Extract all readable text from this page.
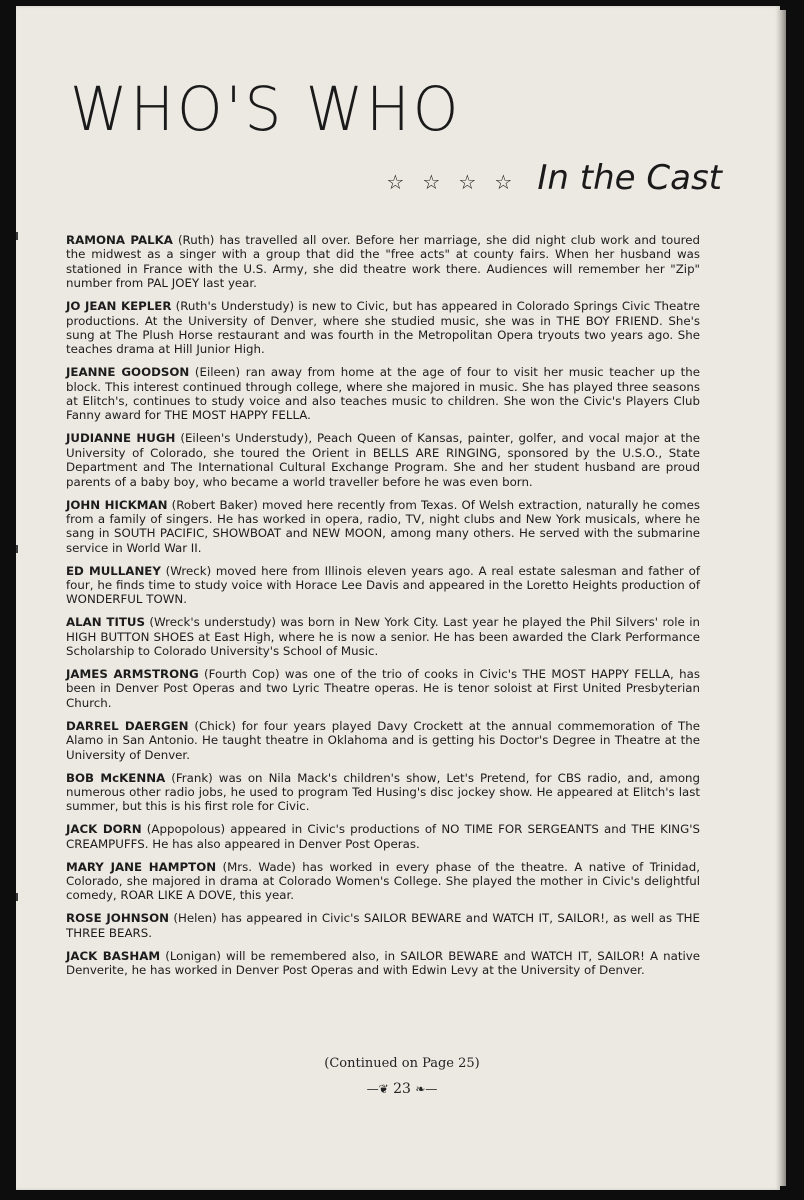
WHO'S WHO
☆ ☆ ☆ ☆ In the Cast

RAMONA PALKA (Ruth) has travelled all over. Before her marriage, she did night club work and toured the midwest as a singer with a group that did the "free acts" at county fairs. When her husband was stationed in France with the U.S. Army, she did theatre work there. Audiences will remember her "Zip" number from PAL JOEY last year.

JO JEAN KEPLER (Ruth's Understudy) is new to Civic, but has appeared in Colorado Springs Civic Theatre productions. At the University of Denver, where she studied music, she was in THE BOY FRIEND. She's sung at The Plush Horse restaurant and was fourth in the Metropolitan Opera tryouts two years ago. She teaches drama at Hill Junior High.

JEANNE GOODSON (Eileen) ran away from home at the age of four to visit her music teacher up the block. This interest continued through college, where she majored in music. She has played three seasons at Elitch's, continues to study voice and also teaches music to children. She won the Civic's Players Club Fanny award for THE MOST HAPPY FELLA.

JUDIANNE HUGH (Eileen's Understudy), Peach Queen of Kansas, painter, golfer, and vocal major at the University of Colorado, she toured the Orient in BELLS ARE RINGING, sponsored by the U.S.O., State Department and The International Cultural Exchange Program. She and her student husband are proud parents of a baby boy, who became a world traveller before he was even born.

JOHN HICKMAN (Robert Baker) moved here recently from Texas. Of Welsh extraction, naturally he comes from a family of singers. He has worked in opera, radio, TV, night clubs and New York musicals, where he sang in SOUTH PACIFIC, SHOWBOAT and NEW MOON, among many others. He served with the submarine service in World War II.

ED MULLANEY (Wreck) moved here from Illinois eleven years ago. A real estate salesman and father of four, he finds time to study voice with Horace Lee Davis and appeared in the Loretto Heights production of WONDERFUL TOWN.

ALAN TITUS (Wreck's understudy) was born in New York City. Last year he played the Phil Silvers' role in HIGH BUTTON SHOES at East High, where he is now a senior. He has been awarded the Clark Performance Scholarship to Colorado University's School of Music.

JAMES ARMSTRONG (Fourth Cop) was one of the trio of cooks in Civic's THE MOST HAPPY FELLA, has been in Denver Post Operas and two Lyric Theatre operas. He is tenor soloist at First United Presbyterian Church.

DARREL DAERGEN (Chick) for four years played Davy Crockett at the annual commemoration of The Alamo in San Antonio. He taught theatre in Oklahoma and is getting his Doctor's Degree in Theatre at the University of Denver.

BOB McKENNA (Frank) was on Nila Mack's children's show, Let's Pretend, for CBS radio, and, among numerous other radio jobs, he used to program Ted Husing's disc jockey show. He appeared at Elitch's last summer, but this is his first role for Civic.

JACK DORN (Appopolous) appeared in Civic's productions of NO TIME FOR SERGEANTS and THE KING'S CREAMPUFFS. He has also appeared in Denver Post Operas.

MARY JANE HAMPTON (Mrs. Wade) has worked in every phase of the theatre. A native of Trinidad, Colorado, she majored in drama at Colorado Women's College. She played the mother in Civic's delightful comedy, ROAR LIKE A DOVE, this year.

ROSE JOHNSON (Helen) has appeared in Civic's SAILOR BEWARE and WATCH IT, SAILOR!, as well as THE THREE BEARS.

JACK BASHAM (Lonigan) will be remembered also, in SAILOR BEWARE and WATCH IT, SAILOR! A native Denverite, he has worked in Denver Post Operas and with Edwin Levy at the University of Denver.

(Continued on Page 25)
—❦ 23 ❧—
